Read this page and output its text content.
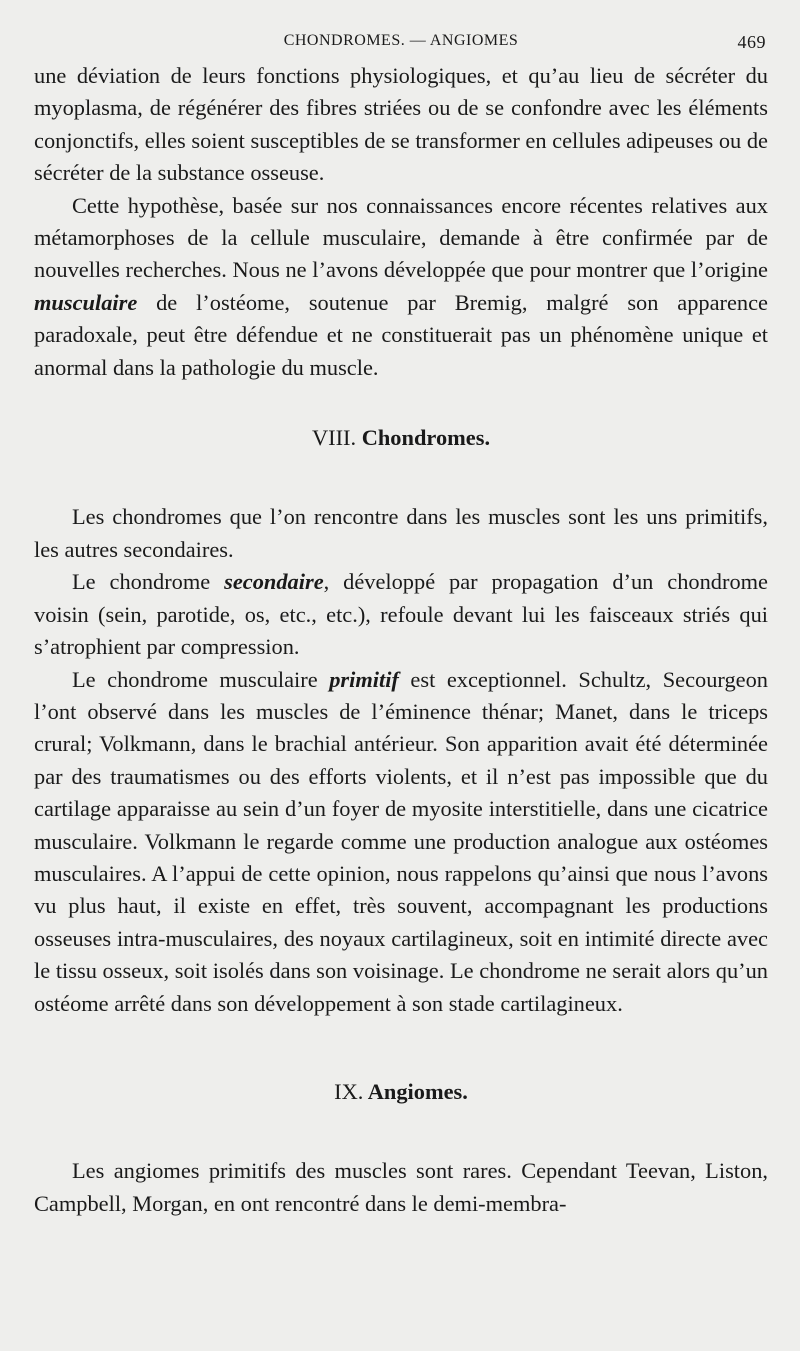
CHONDROMES. — ANGIOMES	469

une déviation de leurs fonctions physiologiques, et qu’au lieu de sécréter du myoplasma, de régénérer des fibres striées ou de se confondre avec les éléments conjonctifs, elles soient susceptibles de se transformer en cellules adipeuses ou de sécréter de la substance osseuse.

Cette hypothèse, basée sur nos connaissances encore récentes relatives aux métamorphoses de la cellule musculaire, demande à être confirmée par de nouvelles recherches. Nous ne l’avons développée que pour montrer que l’origine musculaire de l’ostéome, soutenue par Bremig, malgré son apparence paradoxale, peut être défendue et ne constituerait pas un phénomène unique et anormal dans la pathologie du muscle.

VIII. Chondromes.

Les chondromes que l’on rencontre dans les muscles sont les uns primitifs, les autres secondaires.

Le chondrome secondaire, développé par propagation d’un chondrome voisin (sein, parotide, os, etc., etc.), refoule devant lui les faisceaux striés qui s’atrophient par compression.

Le chondrome musculaire primitif est exceptionnel. Schultz, Secourgeon l’ont observé dans les muscles de l’éminence thénar; Manet, dans le triceps crural; Volkmann, dans le brachial antérieur. Son apparition avait été déterminée par des traumatismes ou des efforts violents, et il n’est pas impossible que du cartilage apparaisse au sein d’un foyer de myosite interstitielle, dans une cicatrice musculaire. Volkmann le regarde comme une production analogue aux ostéomes musculaires. A l’appui de cette opinion, nous rappelons qu’ainsi que nous l’avons vu plus haut, il existe en effet, très souvent, accompagnant les productions osseuses intra-musculaires, des noyaux cartilagineux, soit en intimité directe avec le tissu osseux, soit isolés dans son voisinage. Le chondrome ne serait alors qu’un ostéome arrêté dans son développement à son stade cartilagineux.

IX. Angiomes.

Les angiomes primitifs des muscles sont rares. Cependant Teevan, Liston, Campbell, Morgan, en ont rencontré dans le demi-membra-
